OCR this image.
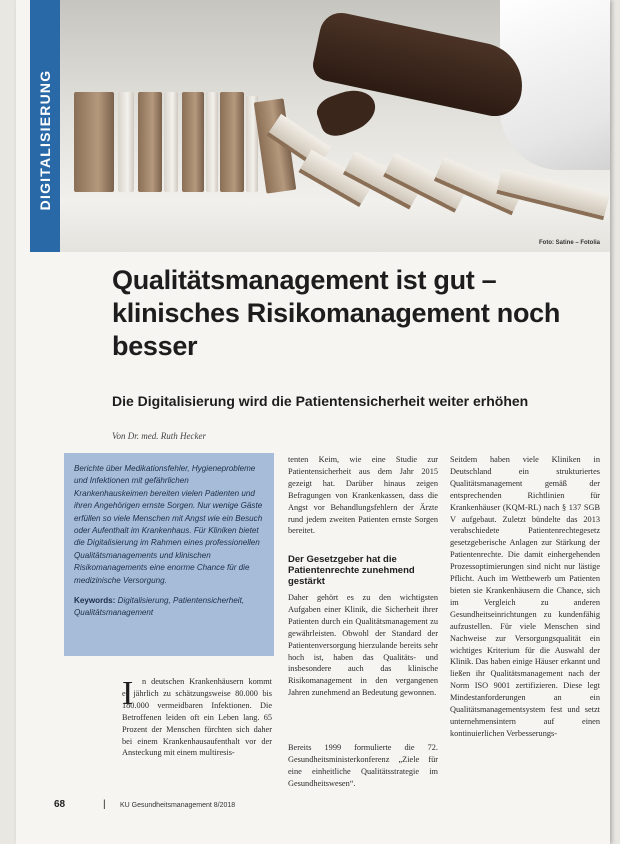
DIGITALISIERUNG
Foto: Satine – Fotolia
Qualitätsmanagement ist gut – klinisches Risikomanagement noch besser

Die Digitalisierung wird die Patientensicherheit weiter erhöhen

Von Dr. med. Ruth Hecker

Berichte über Medikationsfehler, Hygieneprobleme und Infektionen mit gefährlichen Krankenhauskeimen bereiten vielen Patienten und ihren Angehörigen ernste Sorgen. Nur wenige Gäste erfüllen so viele Menschen mit Angst wie ein Besuch oder Aufenthalt im Krankenhaus. Für Kliniken bietet die Digitalisierung im Rahmen eines professionellen Qualitätsmanagements und klinischen Risikomanagements eine enorme Chance für die medizinische Versorgung.

Keywords: Digitalisierung, Patientensicherheit, Qualitätsmanagement
I	n deutschen Krankenhäusern kommt es jährlich zu schätzungsweise 80.000 bis 180.000 vermeidbaren Infektionen. Die Betroffenen leiden oft ein Leben lang. 65 Prozent der Menschen fürchten sich daher bei einem Krankenhausaufenthalt vor der Ansteckung mit einem multiresis-

tenten Keim, wie eine Studie zur Patientensicherheit aus dem Jahr 2015 gezeigt hat. Darüber hinaus zeigen Befragungen von Krankenkassen, dass die Angst vor Behandlungsfehlern der Ärzte rund jedem zweiten Patienten ernste Sorgen bereitet.

Der Gesetzgeber hat die Patientenrechte zunehmend gestärkt

Daher gehört es zu den wichtigsten Aufgaben einer Klinik, die Sicherheit ihrer Patienten durch ein Qualitätsmanagement zu gewährleisten. Obwohl der Standard der Patientenversorgung hierzulande bereits sehr hoch ist, haben das Qualitäts- und insbesondere auch das klinische Risikomanagement in den vergangenen Jahren zunehmend an Bedeutung gewonnen.

Bereits 1999 formulierte die 72. Gesundheitsministerkonferenz „Ziele für eine einheitliche Qualitätsstrategie im Gesundheitswesen“.

Seitdem haben viele Kliniken in Deutschland ein strukturiertes Qualitätsmanagement gemäß der entsprechenden Richtlinien für Krankenhäuser (KQM-RL) nach § 137 SGB V aufgebaut. Zuletzt bündelte das 2013 verabschiedete Patientenrechtegesetz gesetzgeberische Anlagen zur Stärkung der Patientenrechte. Die damit einhergehenden Prozessoptimierungen sind nicht nur lästige Pflicht. Auch im Wettbewerb um Patienten bieten sie Krankenhäusern die Chance, sich im Vergleich zu anderen Gesundheitseinrichtungen zu kundenfähig aufzustellen. Für viele Menschen sind Nachweise zur Versorgungsqualität ein wichtiges Kriterium für die Auswahl der Klinik. Das haben einige Häuser erkannt und ließen ihr Qualitätsmanagement nach der Norm ISO 9001 zertifizieren. Diese legt Mindestanforderungen an ein Qualitätsmanagementsystem fest und setzt unternehmensintern auf einen kontinuierlichen Verbesserungs-

68	| KU Gesundheitsmanagement 8/2018
